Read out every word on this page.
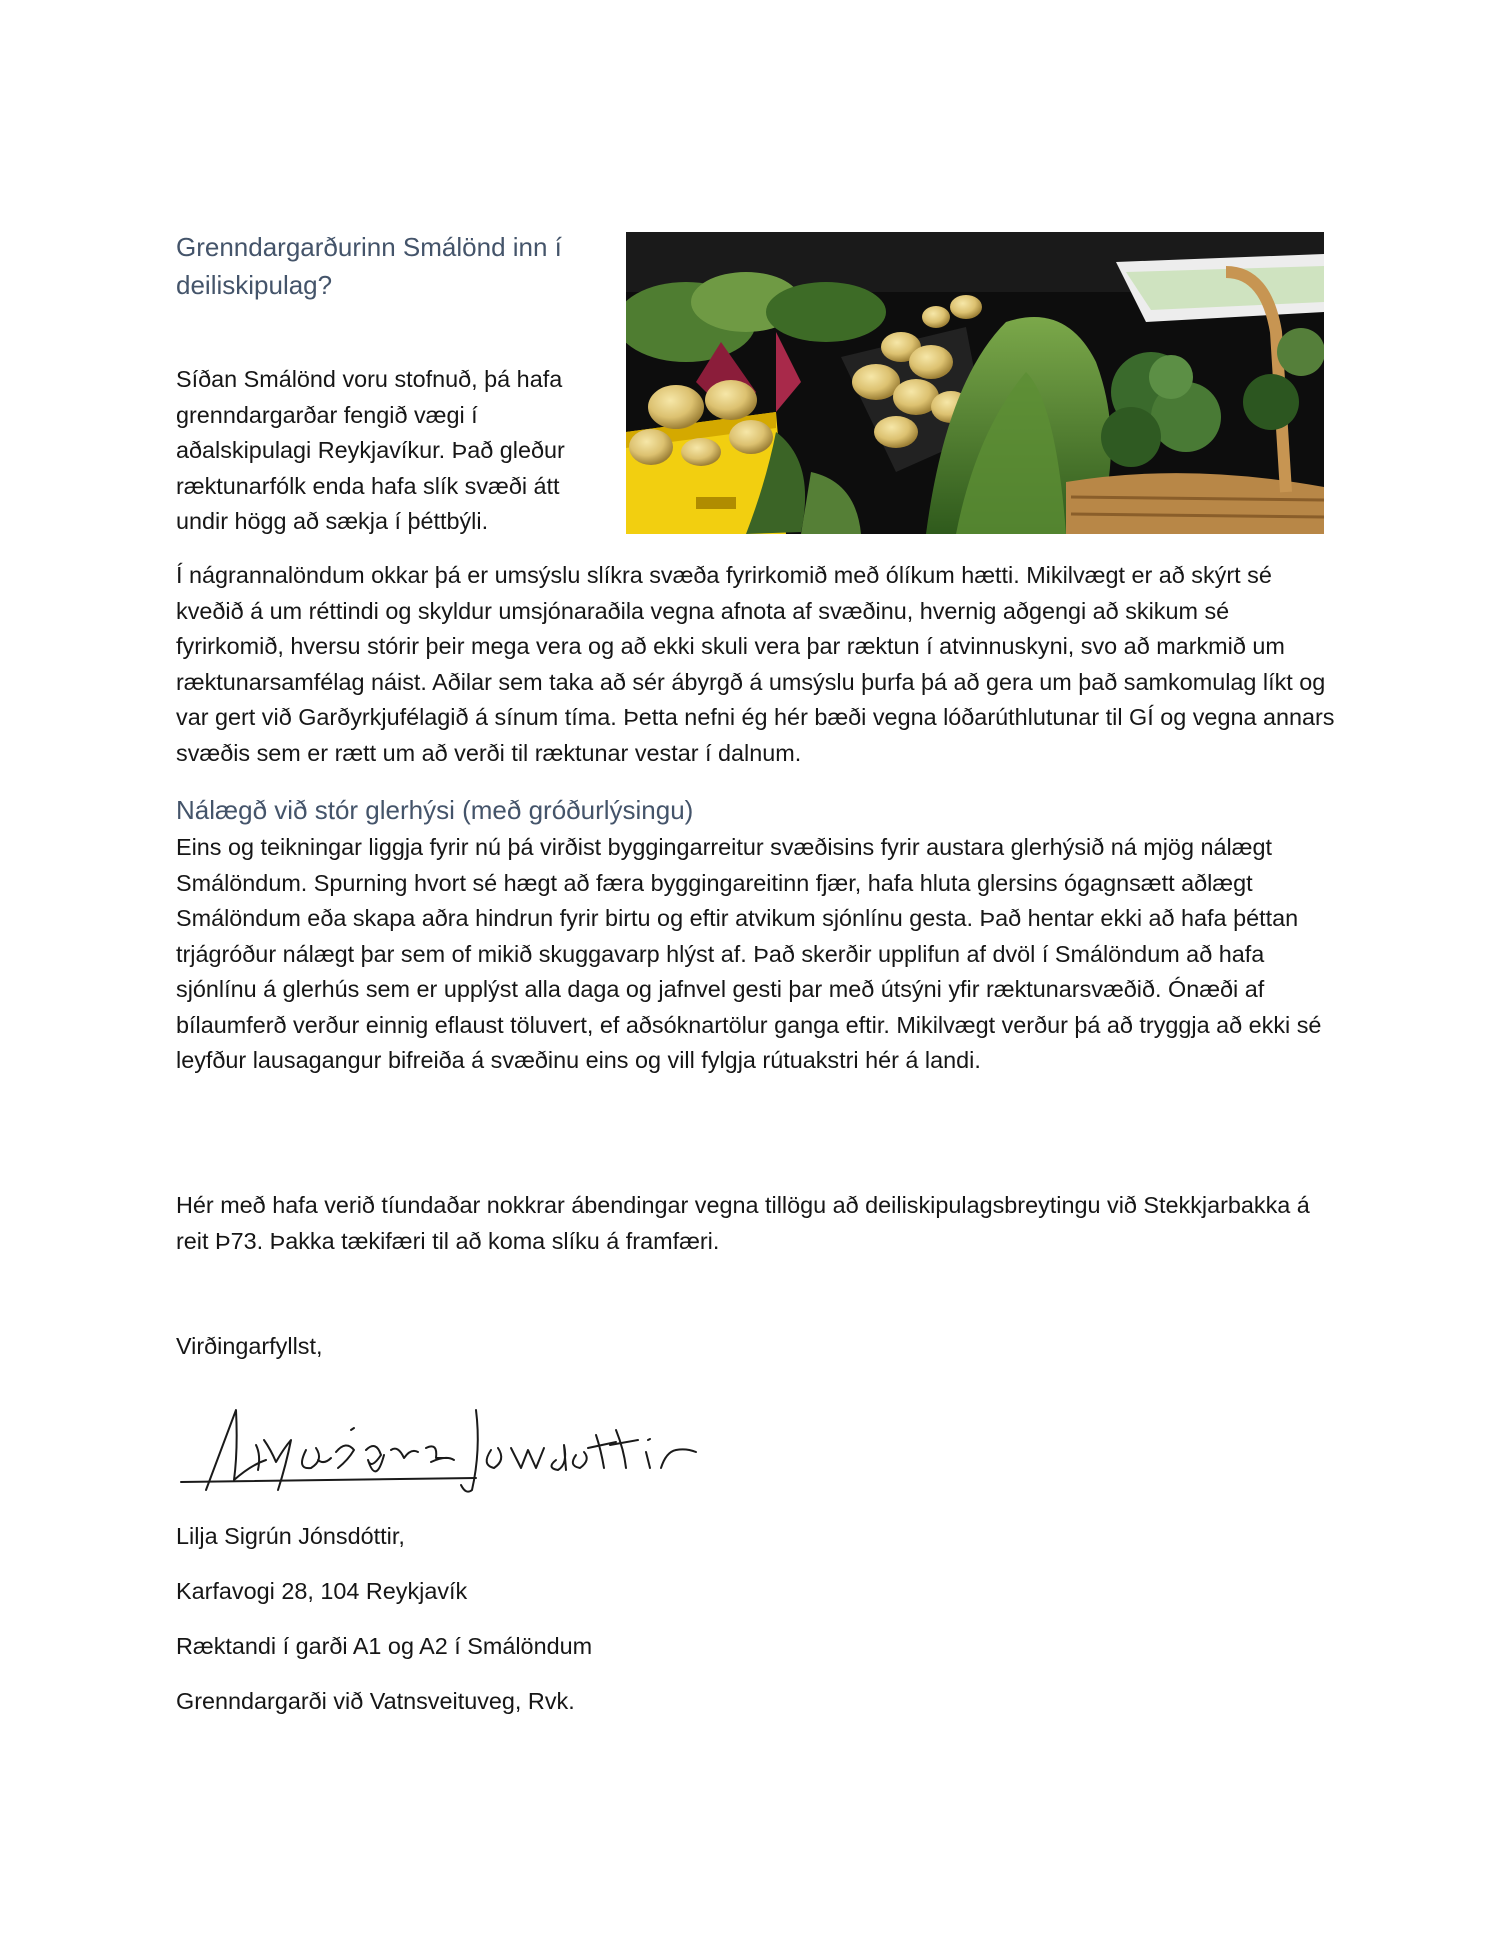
Grenndargarðurinn Smálönd inn í deiliskipulag?

Síðan Smálönd voru stofnuð, þá hafa grenndargarðar fengið vægi í aðalskipulagi Reykjavíkur. Það gleður ræktunarfólk enda hafa slík svæði átt undir högg að sækja í þéttbýli.

Í nágrannalöndum okkar þá er umsýslu slíkra svæða fyrirkomið með ólíkum hætti. Mikilvægt er að skýrt sé kveðið á um réttindi og skyldur umsjónaraðila vegna afnota af svæðinu, hvernig aðgengi að skikum sé fyrirkomið, hversu stórir þeir mega vera og að ekki skuli vera þar ræktun í atvinnuskyni, svo að markmið um ræktunarsamfélag náist. Aðilar sem taka að sér ábyrgð á umsýslu þurfa þá að gera um það samkomulag líkt og var gert við Garðyrkjufélagið á sínum tíma. Þetta nefni ég hér bæði vegna lóðarúthlutunar til GÍ og vegna annars svæðis sem er rætt um að verði til ræktunar vestar í dalnum.

Nálægð við stór glerhýsi (með gróðurlýsingu)

Eins og teikningar liggja fyrir nú þá virðist byggingarreitur svæðisins fyrir austara glerhýsið ná mjög nálægt Smálöndum. Spurning hvort sé hægt að færa byggingareitinn fjær, hafa hluta glersins ógagnsætt aðlægt Smálöndum eða skapa aðra hindrun fyrir birtu og eftir atvikum sjónlínu gesta. Það hentar ekki að hafa þéttan trjágróður nálægt þar sem of mikið skuggavarp hlýst af. Það skerðir upplifun af dvöl í Smálöndum að hafa sjónlínu á glerhús sem er upplýst alla daga og jafnvel gesti þar með útsýni yfir ræktunarsvæðið. Ónæði af bílaumferð verður einnig eflaust töluvert, ef aðsóknartölur ganga eftir. Mikilvægt verður þá að tryggja að ekki sé leyfður lausagangur bifreiða á svæðinu eins og vill fylgja rútuakstri hér á landi.

Hér með hafa verið tíundaðar nokkrar ábendingar vegna tillögu að deiliskipulagsbreytingu við Stekkjarbakka á reit Þ73. Þakka tækifæri til að koma slíku á framfæri.

Virðingarfyllst,

Lilja Sigrún Jónsdóttir,

Karfavogi 28, 104 Reykjavík

Ræktandi í garði A1 og A2 í Smálöndum

Grenndargarði við Vatnsveituveg, Rvk.
